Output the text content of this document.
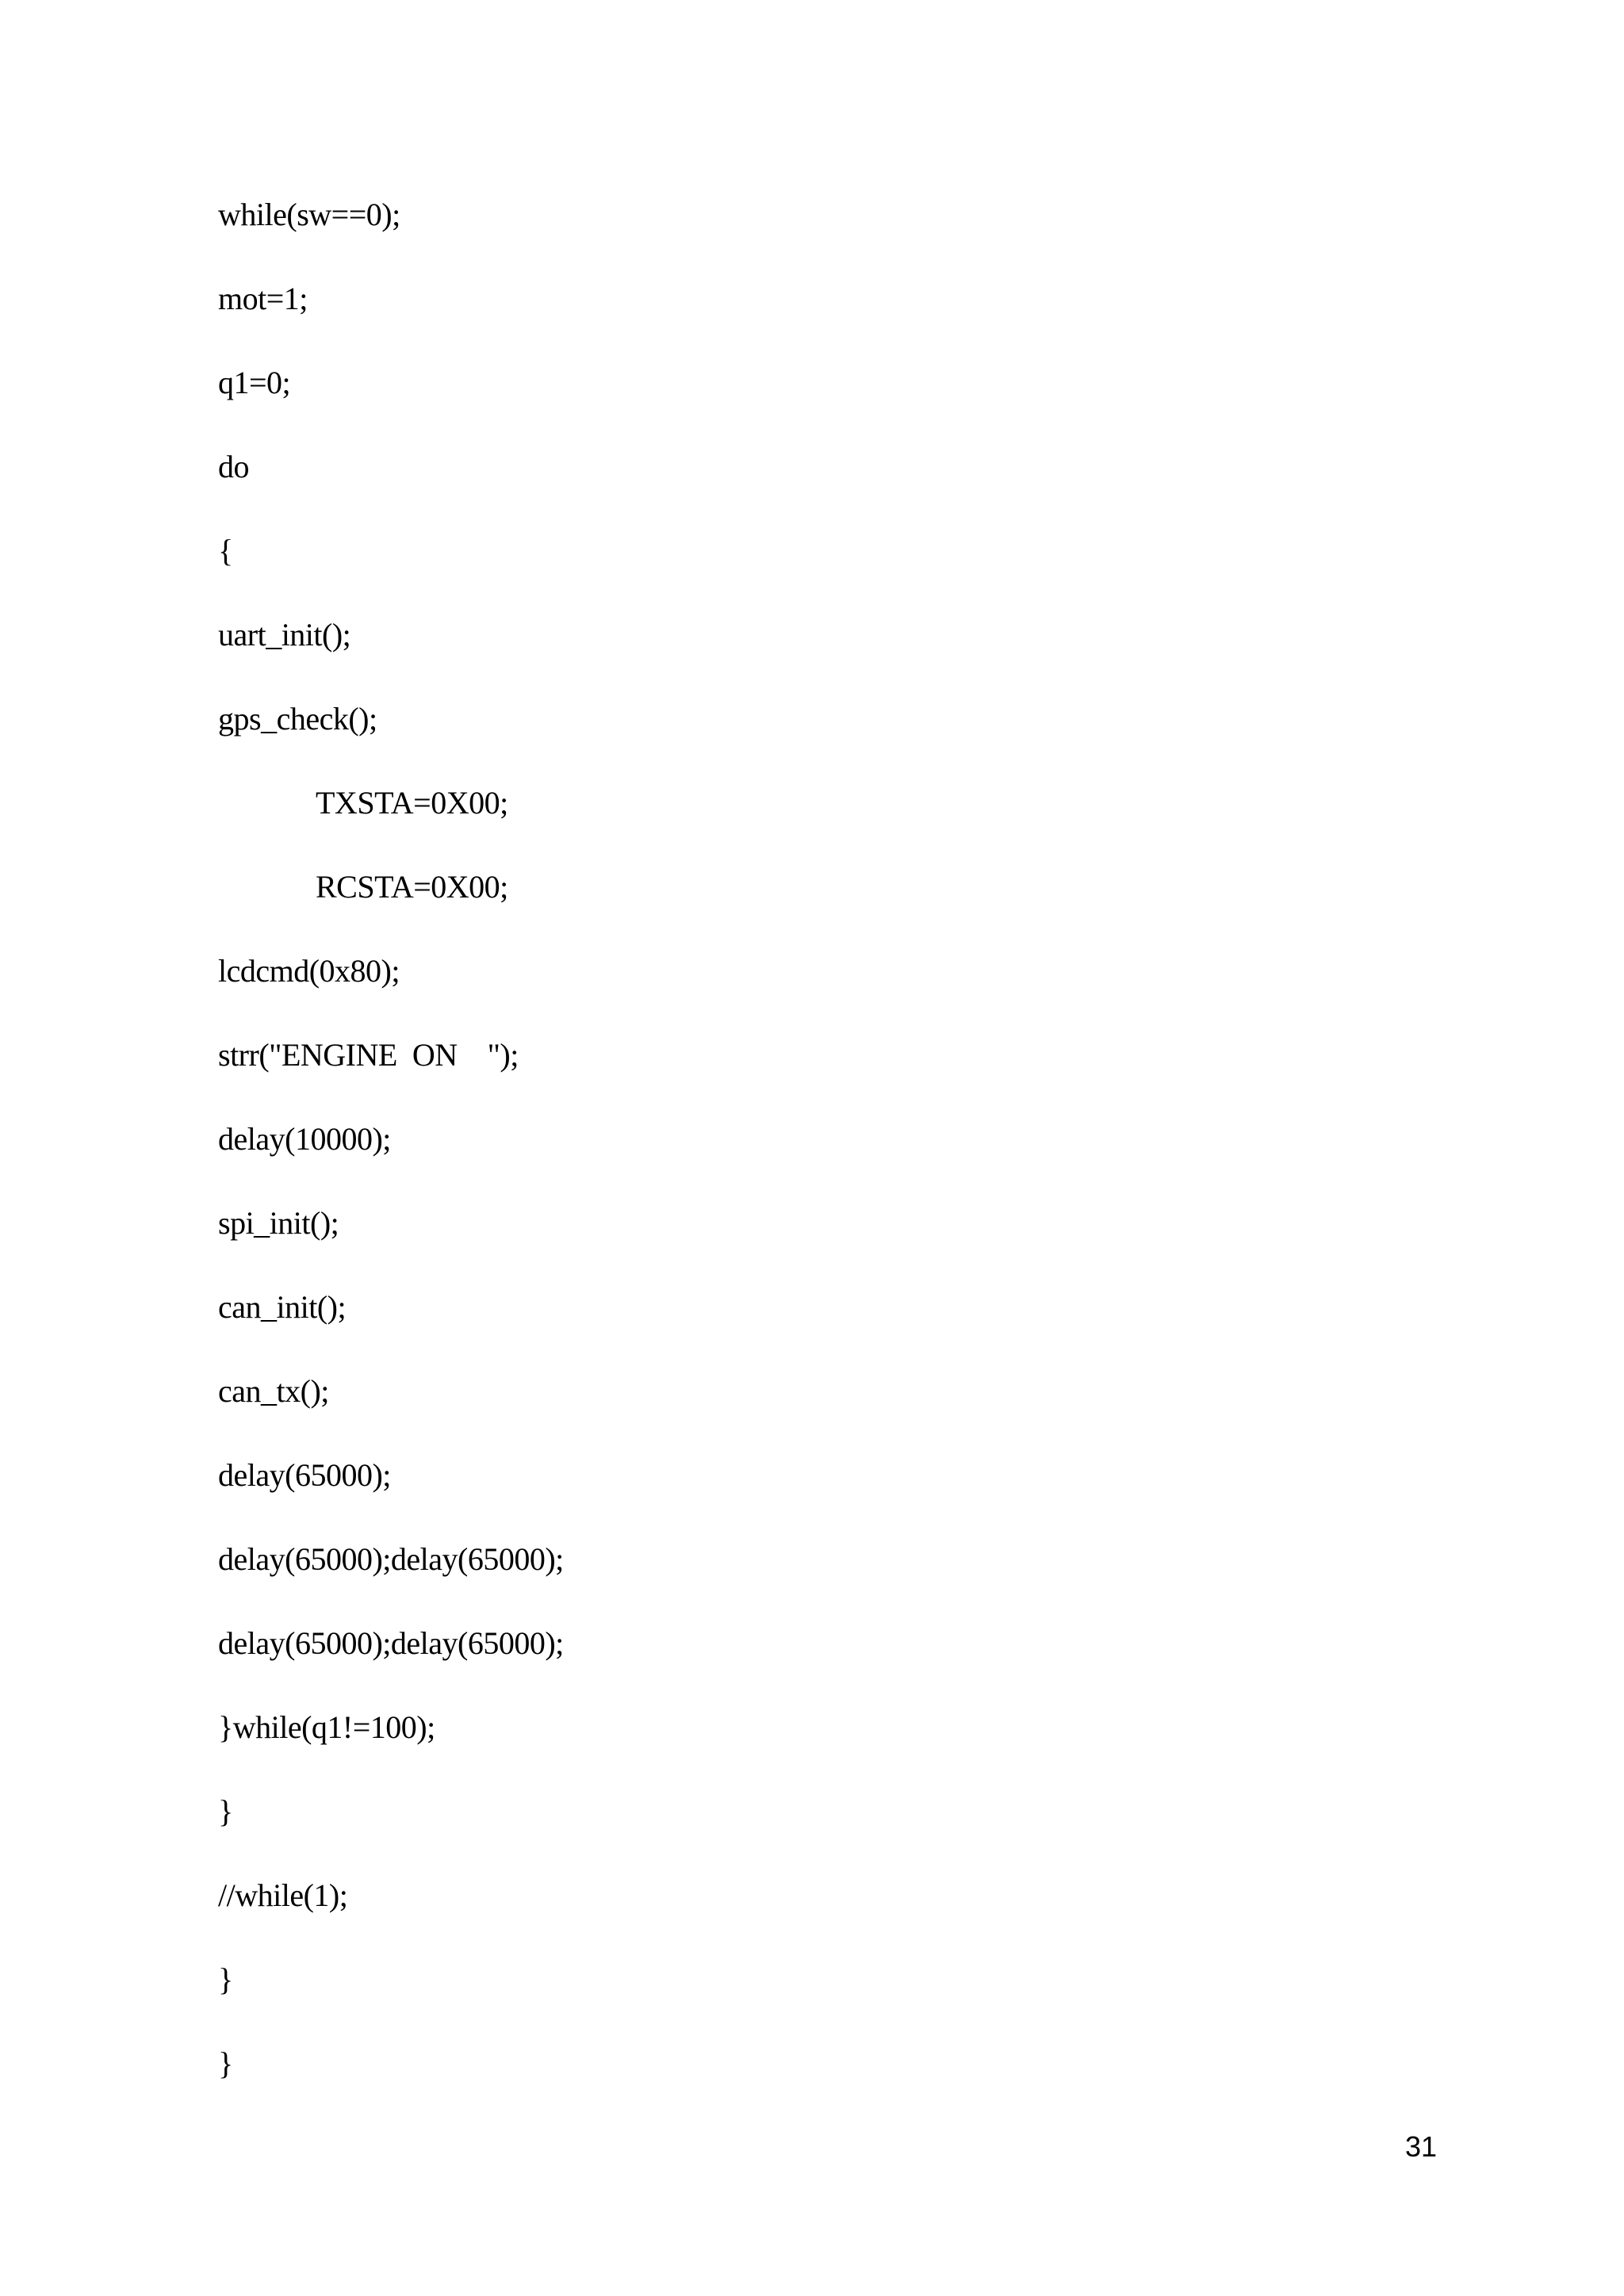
while(sw==0);
mot=1;
q1=0;
do
{
uart_init();
gps_check();
TXSTA=0X00;
RCSTA=0X00;
lcdcmd(0x80);
strr("ENGINE  ON    ");
delay(10000);
spi_init();
can_init();
can_tx();
delay(65000);
delay(65000);delay(65000);
delay(65000);delay(65000);
}while(q1!=100);
}
//while(1);
}
}
31
